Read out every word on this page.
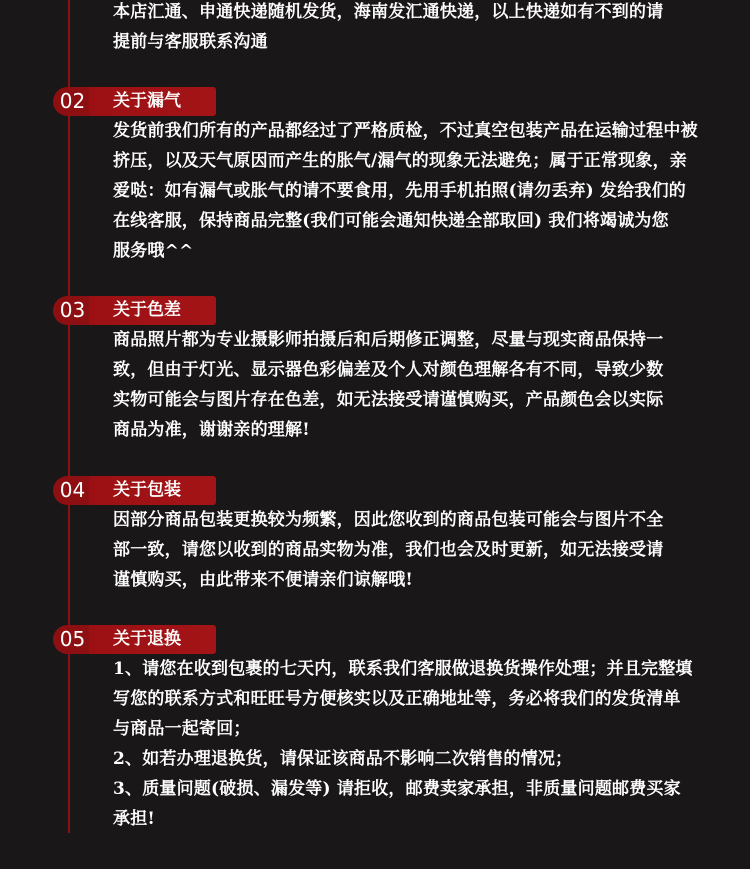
本店汇通、申通快递随机发货，海南发汇通快递，以上快递如有不到的请
提前与客服联系沟通
02 关于漏气
发货前我们所有的产品都经过了严格质检，不过真空包装产品在运输过程中被
挤压，以及天气原因而产生的胀气/漏气的现象无法避免；属于正常现象，亲
爱哒：如有漏气或胀气的请不要食用，先用手机拍照(请勿丢弃) 发给我们的
在线客服，保持商品完整(我们可能会通知快递全部取回) 我们将竭诚为您
服务哦^^
03 关于色差
商品照片都为专业摄影师拍摄后和后期修正调整，尽量与现实商品保持一
致，但由于灯光、显示器色彩偏差及个人对颜色理解各有不同，导致少数
实物可能会与图片存在色差，如无法接受请谨慎购买，产品颜色会以实际
商品为准，谢谢亲的理解!
04 关于包装
因部分商品包装更换较为频繁，因此您收到的商品包装可能会与图片不全
部一致，请您以收到的商品实物为准，我们也会及时更新，如无法接受请
谨慎购买，由此带来不便请亲们谅解哦!
05 关于退换
1、请您在收到包裹的七天内，联系我们客服做退换货操作处理；并且完整填
写您的联系方式和旺旺号方便核实以及正确地址等，务必将我们的发货清单
与商品一起寄回；
2、如若办理退换货，请保证该商品不影响二次销售的情况；
3、质量问题(破损、漏发等) 请拒收，邮费卖家承担，非质量问题邮费买家
承担!
